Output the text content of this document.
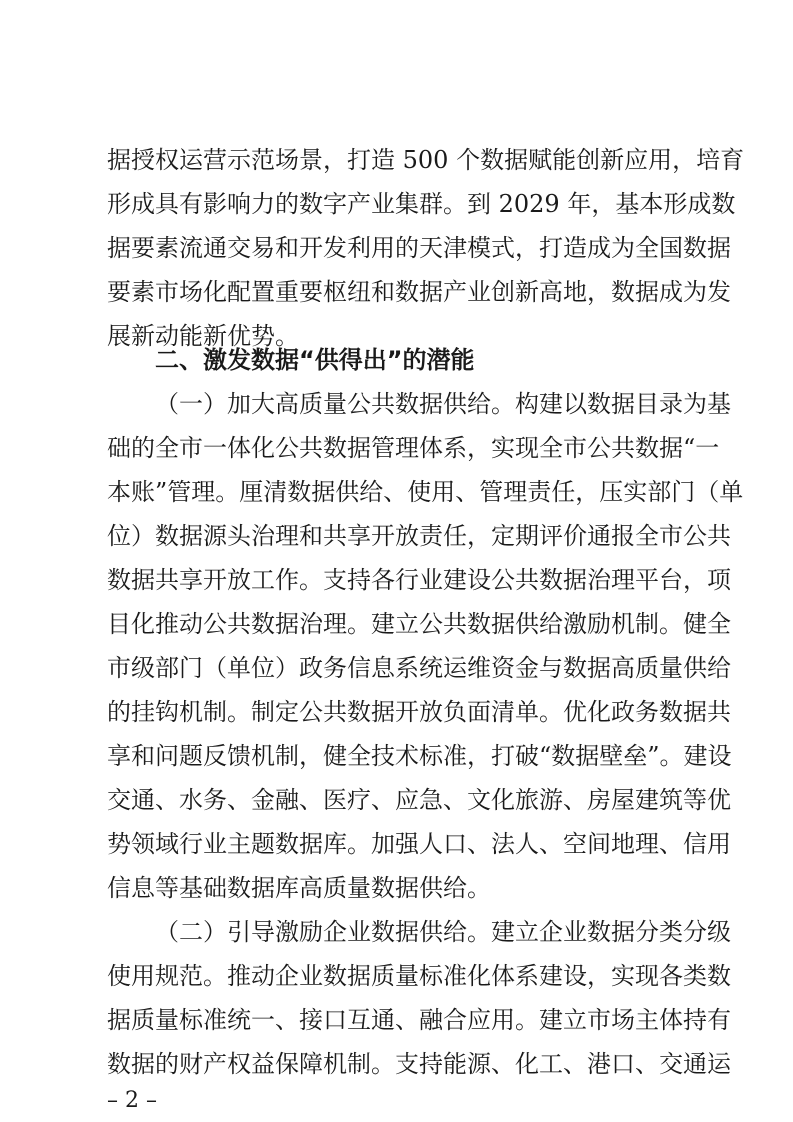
据授权运营示范场景，打造 500 个数据赋能创新应用，培育
形成具有影响力的数字产业集群。到 2029 年，基本形成数
据要素流通交易和开发利用的天津模式，打造成为全国数据
要素市场化配置重要枢纽和数据产业创新高地，数据成为发
展新动能新优势。
二、激发数据“供得出”的潜能
（一）加大高质量公共数据供给。构建以数据目录为基
础的全市一体化公共数据管理体系，实现全市公共数据“一
本账”管理。厘清数据供给、使用、管理责任，压实部门（单
位）数据源头治理和共享开放责任，定期评价通报全市公共
数据共享开放工作。支持各行业建设公共数据治理平台，项
目化推动公共数据治理。建立公共数据供给激励机制。健全
市级部门（单位）政务信息系统运维资金与数据高质量供给
的挂钩机制。制定公共数据开放负面清单。优化政务数据共
享和问题反馈机制，健全技术标准，打破“数据壁垒”。建设
交通、水务、金融、医疗、应急、文化旅游、房屋建筑等优
势领域行业主题数据库。加强人口、法人、空间地理、信用
信息等基础数据库高质量数据供给。
（二）引导激励企业数据供给。建立企业数据分类分级
使用规范。推动企业数据质量标准化体系建设，实现各类数
据质量标准统一、接口互通、融合应用。建立市场主体持有
数据的财产权益保障机制。支持能源、化工、港口、交通运
– 2 –
